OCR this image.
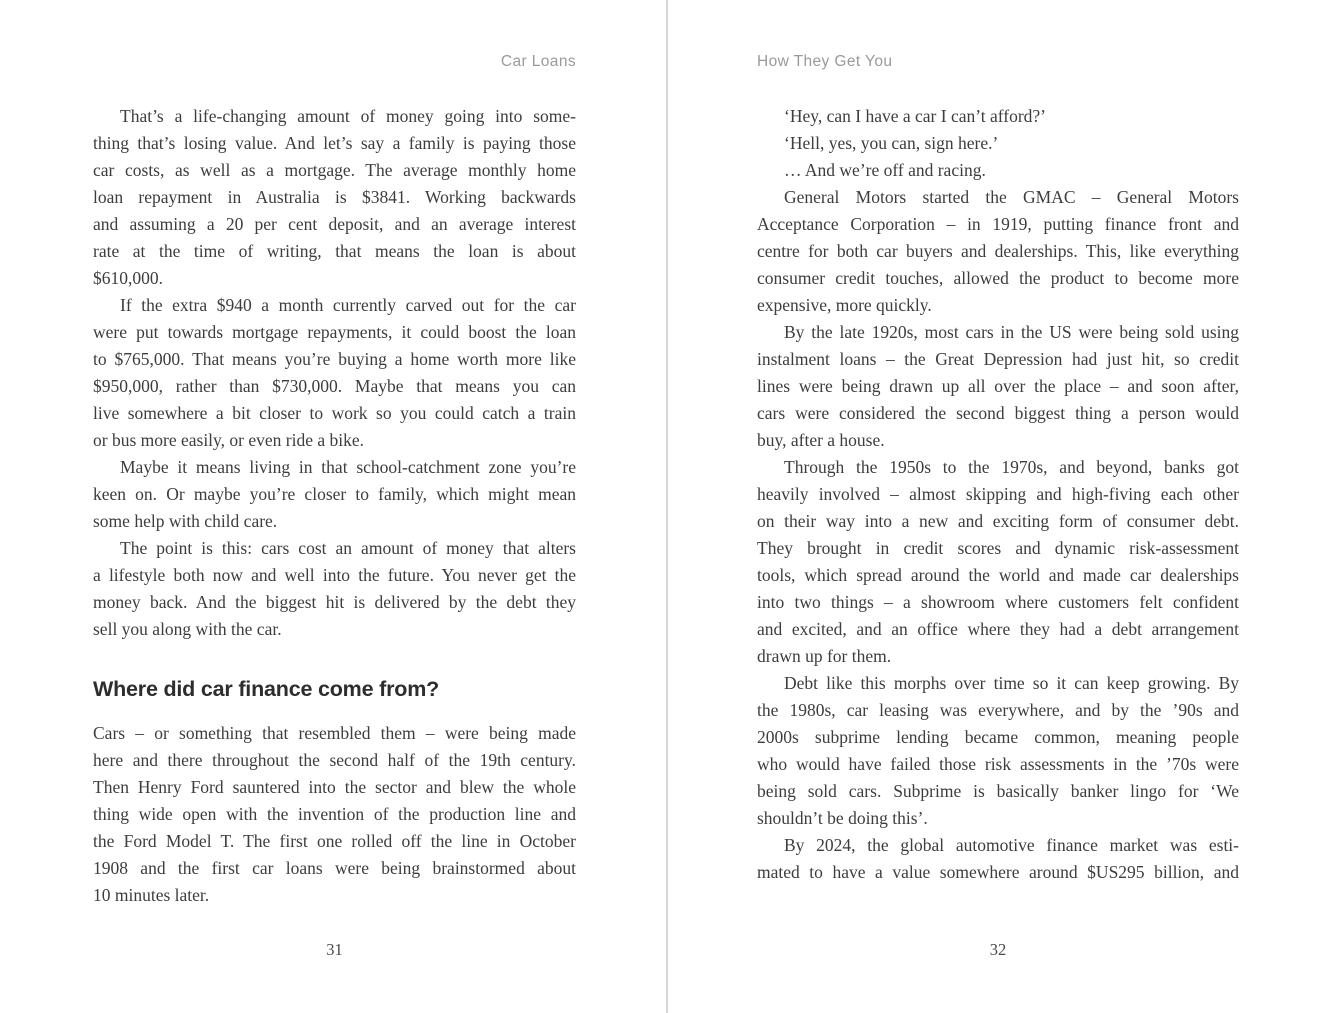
Car Loans
That’s a life-changing amount of money going into some-
thing that’s losing value. And let’s say a family is paying those
car costs, as well as a mortgage. The average monthly home
loan repayment in Australia is $3841. Working backwards
and assuming a 20 per cent deposit, and an average interest
rate at the time of writing, that means the loan is about
$610,000.
If the extra $940 a month currently carved out for the car
were put towards mortgage repayments, it could boost the loan
to $765,000. That means you’re buying a home worth more like
$950,000, rather than $730,000. Maybe that means you can
live somewhere a bit closer to work so you could catch a train
or bus more easily, or even ride a bike.
Maybe it means living in that school-catchment zone you’re
keen on. Or maybe you’re closer to family, which might mean
some help with child care.
The point is this: cars cost an amount of money that alters
a lifestyle both now and well into the future. You never get the
money back. And the biggest hit is delivered by the debt they
sell you along with the car.
Where did car finance come from?
Cars – or something that resembled them – were being made
here and there throughout the second half of the 19th century.
Then Henry Ford sauntered into the sector and blew the whole
thing wide open with the invention of the production line and
the Ford Model T. The first one rolled off the line in October
1908 and the first car loans were being brainstormed about
10 minutes later.
31
How They Get You
‘Hey, can I have a car I can’t afford?’
‘Hell, yes, you can, sign here.’
… And we’re off and racing.
General Motors started the GMAC – General Motors
Acceptance Corporation – in 1919, putting finance front and
centre for both car buyers and dealerships. This, like everything
consumer credit touches, allowed the product to become more
expensive, more quickly.
By the late 1920s, most cars in the US were being sold using
instalment loans – the Great Depression had just hit, so credit
lines were being drawn up all over the place – and soon after,
cars were considered the second biggest thing a person would
buy, after a house.
Through the 1950s to the 1970s, and beyond, banks got
heavily involved – almost skipping and high-fiving each other
on their way into a new and exciting form of consumer debt.
They brought in credit scores and dynamic risk-assessment
tools, which spread around the world and made car dealerships
into two things – a showroom where customers felt confident
and excited, and an office where they had a debt arrangement
drawn up for them.
Debt like this morphs over time so it can keep growing. By
the 1980s, car leasing was everywhere, and by the ’90s and
2000s subprime lending became common, meaning people
who would have failed those risk assessments in the ’70s were
being sold cars. Subprime is basically banker lingo for ‘We
shouldn’t be doing this’.
By 2024, the global automotive finance market was esti-
mated to have a value somewhere around $US295 billion, and
32
